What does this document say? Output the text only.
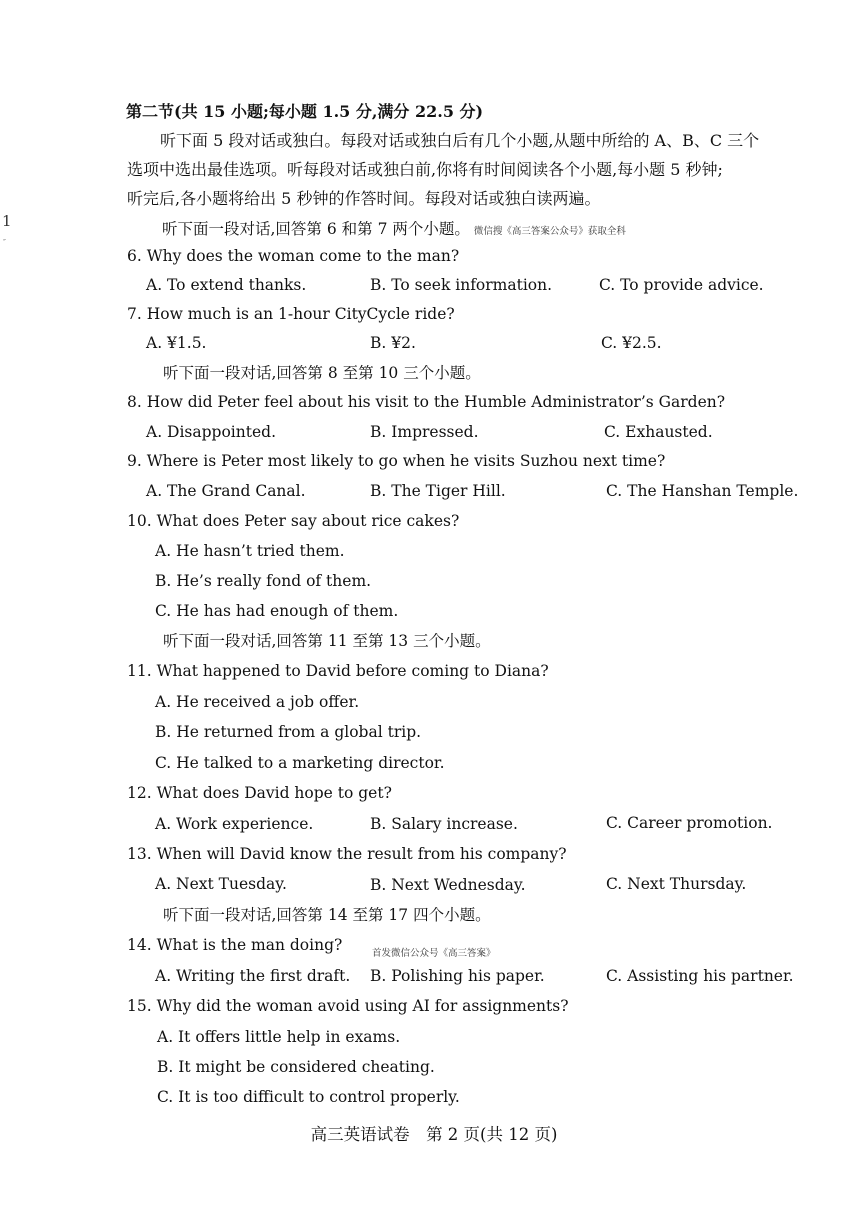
1
″
第二节(共 15 小题;每小题 1.5 分,满分 22.5 分)
听下面 5 段对话或独白。每段对话或独白后有几个小题,从题中所给的 A、B、C 三个
选项中选出最佳选项。听每段对话或独白前,你将有时间阅读各个小题,每小题 5 秒钟;
听完后,各小题将给出 5 秒钟的作答时间。每段对话或独白读两遍。
听下面一段对话,回答第 6 和第 7 两个小题。 微信搜《高三答案公众号》获取全科
6. Why does the woman come to the man?
A. To extend thanks.	B. To seek information.	C. To provide advice.
7. How much is an 1-hour CityCycle ride?
A. ¥1.5.	B. ¥2.	C. ¥2.5.
听下面一段对话,回答第 8 至第 10 三个小题。
8. How did Peter feel about his visit to the Humble Administrator’s Garden?
A. Disappointed.	B. Impressed.	C. Exhausted.
9. Where is Peter most likely to go when he visits Suzhou next time?
A. The Grand Canal.	B. The Tiger Hill.	C. The Hanshan Temple.
10. What does Peter say about rice cakes?
A. He hasn’t tried them.
B. He’s really fond of them.
C. He has had enough of them.
听下面一段对话,回答第 11 至第 13 三个小题。
11. What happened to David before coming to Diana?
A. He received a job offer.
B. He returned from a global trip.
C. He talked to a marketing director.
12. What does David hope to get?
A. Work experience.	B. Salary increase.	C. Career promotion.
13. When will David know the result from his company?
A. Next Tuesday.	B. Next Wednesday.	C. Next Thursday.
听下面一段对话,回答第 14 至第 17 四个小题。
14. What is the man doing?	首发微信公众号《高三答案》
A. Writing the first draft. B. Polishing his paper.	C. Assisting his partner.
15. Why did the woman avoid using AI for assignments?
A. It offers little help in exams.
B. It might be considered cheating.
C. It is too difficult to control properly.
高三英语试卷　第 2 页(共 12 页)
